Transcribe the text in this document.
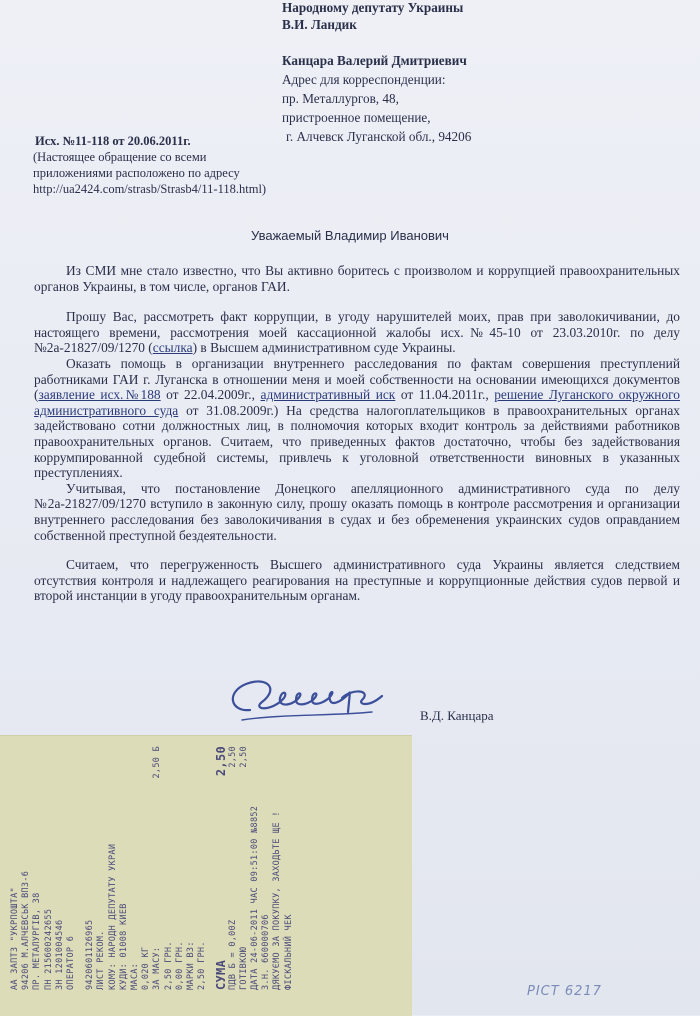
Народному депутату Украины
В.И. Ландик
Канцара Валерий Дмитриевич
Адрес для корреспонденции:
пр. Металлургов, 48,
пристроенное помещение,
г. Алчевск Луганской обл., 94206
Исх. №11-118 от 20.06.2011г.
(Настоящее обращение со всеми
приложениями расположено по адресу
http://ua2424.com/strasb/Strasb4/11-118.html)
Уважаемый Владимир Иванович

Из СМИ мне стало известно, что Вы активно боритесь с произволом и коррупцией правоохранительных органов Украины, в том числе, органов ГАИ.

Прошу Вас, рассмотреть факт коррупции, в угоду нарушителей моих, прав при заволокичивании, до настоящего времени, рассмотрения моей кассационной жалобы исх.№45-10 от 23.03.2010г. по делу №2а-21827/09/1270 (ссылка) в Высшем административном суде Украины.

Оказать помощь в организации внутреннего расследования по фактам совершения преступлений работниками ГАИ г. Луганска в отношении меня и моей собственности на основании имеющихся документов (заявление исх.№188 от 22.04.2009г., административный иск от 11.04.2011г., решение Луганского окружного административного суда от 31.08.2009г.) На средства налогоплательщиков в правоохранительных органах задействовано сотни должностных лиц, в полномочия которых входит контроль за действиями работников правоохранительных органов. Считаем, что приведенных фактов достаточно, чтобы без задействования коррумпированной судебной системы, привлечь к уголовной ответственности виновных в указанных преступлениях.

Учитывая, что постановление Донецкого апелляционного административного суда по делу №2а-21827/09/1270 вступило в законную силу, прошу оказать помощь в контроле рассмотрения и организации внутреннего расследования без заволокичивания в судах и без обременения украинских судов оправданием собственной преступной бездеятельности.

Считаем, что перегруженность Высшего административного суда Украины является следствием отсутствия контроля и надлежащего реагирования на преступные и коррупционные действия судов первой и второй инстанции в угоду правоохранительным органам.

В.Д. Канцара
АА ЗАПТЗ "УКРПОШТА" 94206 М.АЛЧЕВСЬК ВПЗ-6 ПР. МЕТАЛУРГIВ, 38 ПН 215600242655 ЗН 1201004546 ОПЕРАТОР 6 9420601126965 ЛИСТ РЕКОМ. КОМУ: НАРОДН ДЕПУТАТУ УКРАИ КУДИ: 01008 КИЕВ МАСА: 0,020 КГ ЗА МАСУ:
2,50 Б
2,50 ГРН. 0,00 ГРН. МАРКИ ВЗ: 2,50 ГРН. СУМА
2,50
ПДВ Б = 0,00Z
2,50
ГОТIВКОЮ
2,50
ДАТА 24-06-2011 ЧАС 09:51:00 №8852 З.Н. 660000706 ДЯКУЄМО ЗА ПОКУПКУ, ЗАХОДЬТЕ ЩЕ ! ФIСКАЛЬНИЙ ЧЕК
РІСТ 6217
